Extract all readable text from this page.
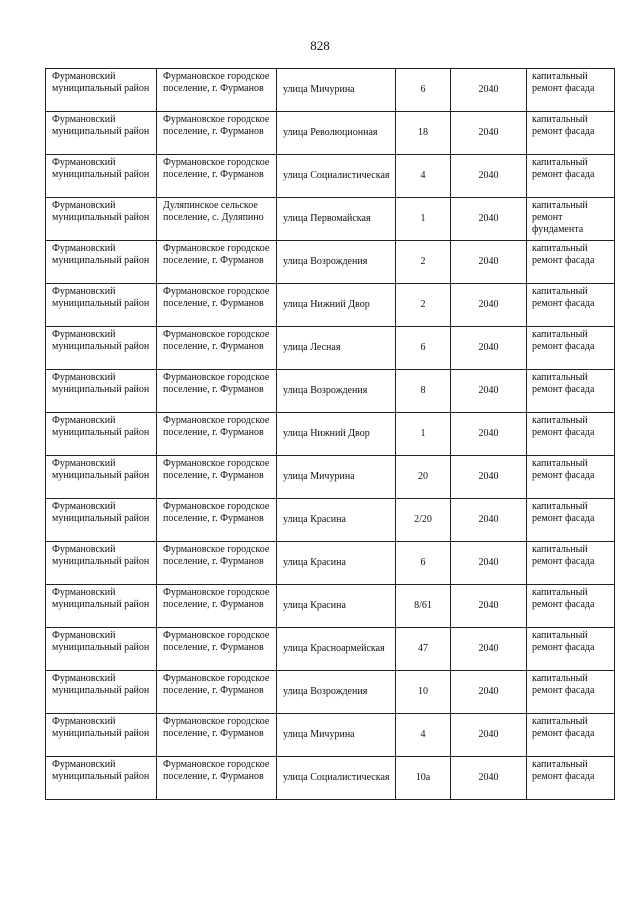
828
Фурмановский муниципальный район	Фурмановское городское поселение, г. Фурманов	улица Мичурина	6	2040	капитальный ремонт фасада
Фурмановский муниципальный район	Фурмановское городское поселение, г. Фурманов	улица Революционная	18	2040	капитальный ремонт фасада
Фурмановский муниципальный район	Фурмановское городское поселение, г. Фурманов	улица Социалистическая	4	2040	капитальный ремонт фасада
Фурмановский муниципальный район	Дуляпинское сельское поселение, с. Дуляпино	улица Первомайская	1	2040	капитальный ремонт фундамента
Фурмановский муниципальный район	Фурмановское городское поселение, г. Фурманов	улица Возрождения	2	2040	капитальный ремонт фасада
Фурмановский муниципальный район	Фурмановское городское поселение, г. Фурманов	улица Нижний Двор	2	2040	капитальный ремонт фасада
Фурмановский муниципальный район	Фурмановское городское поселение, г. Фурманов	улица Лесная	6	2040	капитальный ремонт фасада
Фурмановский муниципальный район	Фурмановское городское поселение, г. Фурманов	улица Возрождения	8	2040	капитальный ремонт фасада
Фурмановский муниципальный район	Фурмановское городское поселение, г. Фурманов	улица Нижний Двор	1	2040	капитальный ремонт фасада
Фурмановский муниципальный район	Фурмановское городское поселение, г. Фурманов	улица Мичурина	20	2040	капитальный ремонт фасада
Фурмановский муниципальный район	Фурмановское городское поселение, г. Фурманов	улица Красина	2/20	2040	капитальный ремонт фасада
Фурмановский муниципальный район	Фурмановское городское поселение, г. Фурманов	улица Красина	6	2040	капитальный ремонт фасада
Фурмановский муниципальный район	Фурмановское городское поселение, г. Фурманов	улица Красина	8/61	2040	капитальный ремонт фасада
Фурмановский муниципальный район	Фурмановское городское поселение, г. Фурманов	улица Красноармейская	47	2040	капитальный ремонт фасада
Фурмановский муниципальный район	Фурмановское городское поселение, г. Фурманов	улица Возрождения	10	2040	капитальный ремонт фасада
Фурмановский муниципальный район	Фурмановское городское поселение, г. Фурманов	улица Мичурина	4	2040	капитальный ремонт фасада
Фурмановский муниципальный район	Фурмановское городское поселение, г. Фурманов	улица Социалистическая	10а	2040	капитальный ремонт фасада
